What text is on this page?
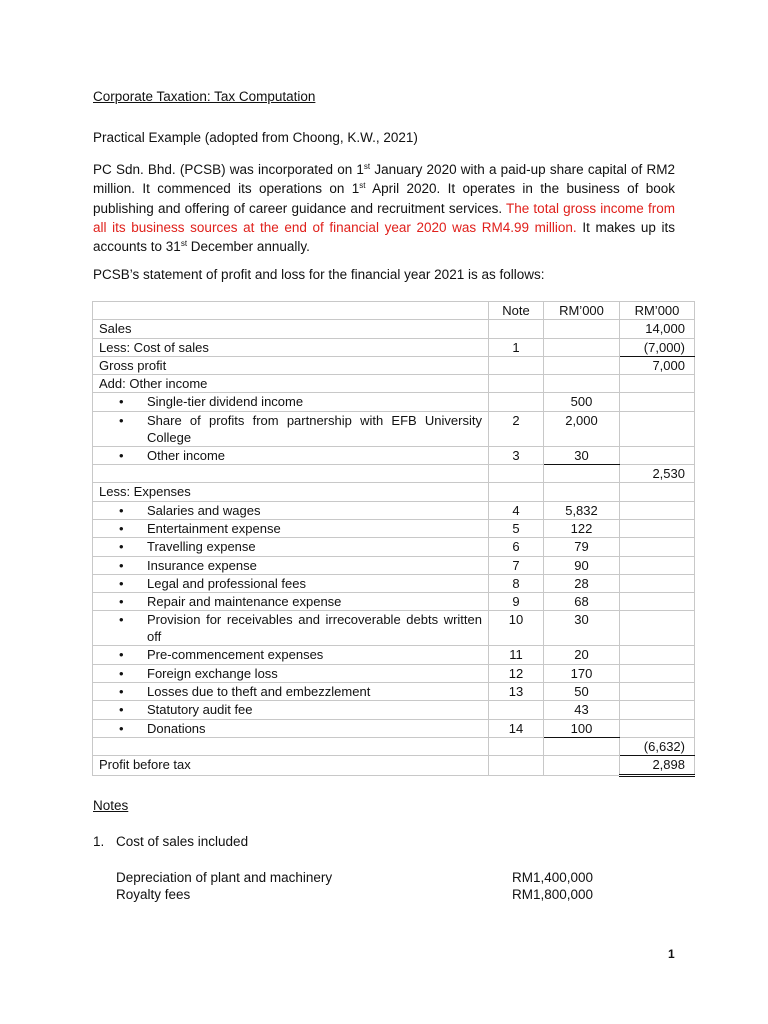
Corporate Taxation: Tax Computation
Practical Example (adopted from Choong, K.W., 2021)
PC Sdn. Bhd. (PCSB) was incorporated on 1st January 2020 with a paid-up share capital of RM2 million. It commenced its operations on 1st April 2020. It operates in the business of book publishing and offering of career guidance and recruitment services. The total gross income from all its business sources at the end of financial year 2020 was RM4.99 million. It makes up its accounts to 31st December annually.
PCSB’s statement of profit and loss for the financial year 2021 is as follows:
	Note	RM’000	RM’000
Sales			14,000
Less: Cost of sales	1		(7,000)
Gross profit			7,000
Add: Other income			

• Single-tier dividend income		500	

• Share of profits from partnership with EFB University College	2	2,000	

• Other income	3	30	
			2,530
Less: Expenses			

• Salaries and wages	4	5,832	

• Entertainment expense	5	122	

• Travelling expense	6	79	

• Insurance expense	7	90	

• Legal and professional fees	8	28	

• Repair and maintenance expense	9	68	

• Provision for receivables and irrecoverable debts written off	10	30	

• Pre-commencement expenses	11	20	

• Foreign exchange loss	12	170	

• Losses due to theft and embezzlement	13	50	

• Statutory audit fee		43	

• Donations	14	100	
			(6,632)
Profit before tax			2,898
Notes
1. Cost of sales included
Depreciation of plant and machinery	RM1,400,000
Royalty fees	RM1,800,000
1
